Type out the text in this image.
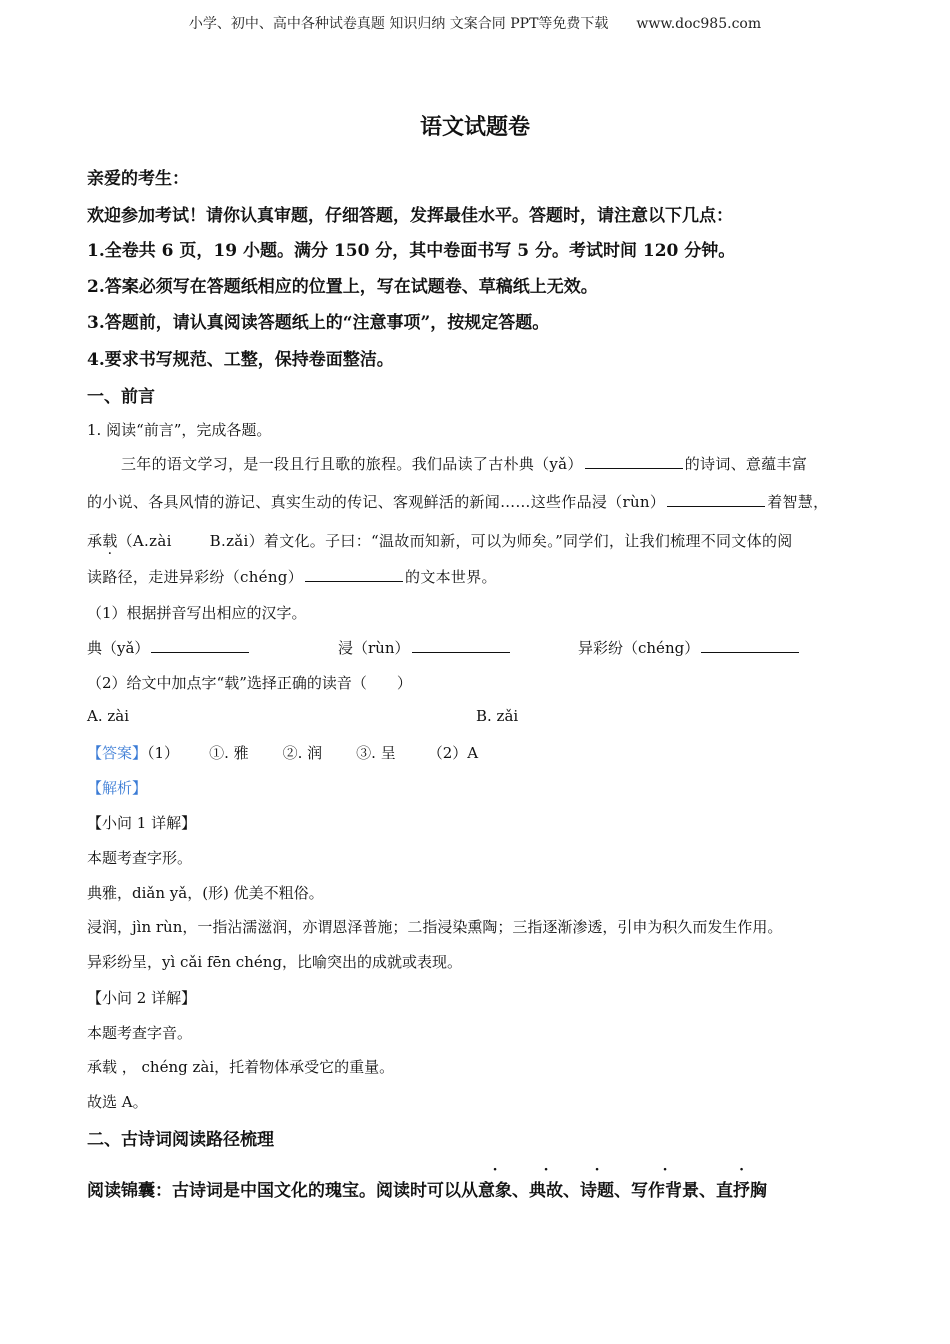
小学、初中、高中各种试卷真题 知识归纳 文案合同 PPT等免费下载 www.doc985.com
语文试题卷
亲爱的考生：
欢迎参加考试！请你认真审题，仔细答题，发挥最佳水平。答题时，请注意以下几点：
1.全卷共 6 页，19 小题。满分 150 分，其中卷面书写 5 分。考试时间 120 分钟。
2.答案必须写在答题纸相应的位置上，写在试题卷、草稿纸上无效。
3.答题前，请认真阅读答题纸上的“注意事项”，按规定答题。
4.要求书写规范、工整，保持卷面整洁。
一、前言
1. 阅读“前言”，完成各题。
三年的语文学习，是一段且行且歌的旅程。我们品读了古朴典（yǎ）	的诗词、意蕴丰富
的小说、各具风情的游记、真实生动的传记、客观鲜活的新闻……这些作品浸（rùn）	着智慧，
承载（A.zài	B.zǎi）着文化。子曰：“温故而知新，可以为师矣。”同学们，让我们梳理不同文体的阅
读路径，走进异彩纷（chéng）	的文本世界。
（1）根据拼音写出相应的汉字。
典（yǎ）	浸（rùn）	异彩纷（chéng）
（2）给文中加点字“载”选择正确的读音（　　）
A. zài	B. zǎi
【答案】（1） ①. 雅 ②. 润 ③. 呈 （2）A
【解析】
【小问 1 详解】
本题考查字形。
典雅，diǎn yǎ，(形) 优美不粗俗。
浸润，jìn rùn，一指沾濡滋润，亦谓恩泽普施；二指浸染熏陶；三指逐渐渗透，引申为积久而发生作用。
异彩纷呈，yì cǎi fēn chéng，比喻突出的成就或表现。
【小问 2 详解】
本题考查字音。
承载 ， chéng zài，托着物体承受它的重量。
故选 A。
二、古诗词阅读路径梳理
阅读锦囊：古诗词是中国文化的瑰宝。阅读时可以从意象、典故、诗题、写作背景、直抒胸
